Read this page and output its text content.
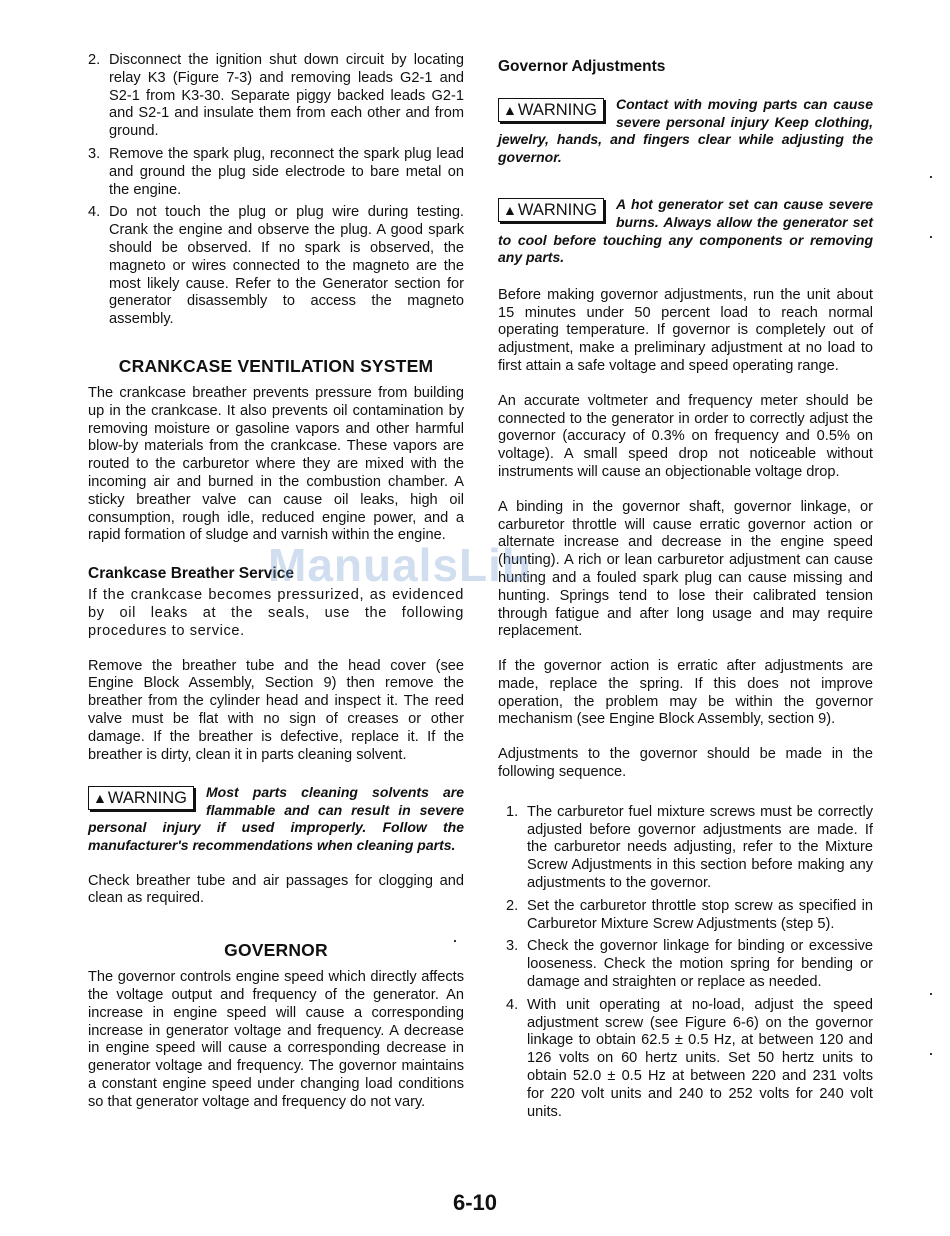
2. Disconnect the ignition shut down circuit by locating relay K3 (Figure 7-3) and removing leads G2-1 and S2-1 from K3-30. Separate piggy backed leads G2-1 and S2-1 and insulate them from each other and from ground.
3. Remove the spark plug, reconnect the spark plug lead and ground the plug side electrode to bare metal on the engine.
4. Do not touch the plug or plug wire during testing. Crank the engine and observe the plug. A good spark should be observed. If no spark is observed, the magneto or wires connected to the magneto are the most likely cause. Refer to the Generator section for generator disassembly to access the magneto assembly.
CRANKCASE VENTILATION SYSTEM

The crankcase breather prevents pressure from building up in the crankcase. It also prevents oil contamination by removing moisture or gasoline vapors and other harmful blow-by materials from the crankcase. These vapors are routed to the carburetor where they are mixed with the incoming air and burned in the combustion chamber. A sticky breather valve can cause oil leaks, high oil consumption, rough idle, reduced engine power, and a rapid formation of sludge and varnish within the engine.

Crankcase Breather Service

If the crankcase becomes pressurized, as evidenced by oil leaks at the seals, use the following procedures to service.

Remove the breather tube and the head cover (see Engine Block Assembly, Section 9) then remove the breather from the cylinder head and inspect it. The reed valve must be flat with no sign of creases or other damage. If the breather is defective, replace it. If the breather is dirty, clean it in parts cleaning solvent.

▲WARNING	Most parts cleaning solvents are flammable and can result in severe personal injury if used improperly. Follow the manufacturer's recommendations when cleaning parts.

Check breather tube and air passages for clogging and clean as required.

GOVERNOR

The governor controls engine speed which directly affects the voltage output and frequency of the generator. An increase in engine speed will cause a corresponding increase in generator voltage and frequency. A decrease in engine speed will cause a corresponding decrease in generator voltage and frequency. The governor maintains a constant engine speed under changing load conditions so that generator voltage and frequency do not vary.

Governor Adjustments
▲WARNING	Contact with moving parts can cause severe personal injury Keep clothing, jewelry, hands, and fingers clear while adjusting the governor.
▲WARNING	A hot generator set can cause severe burns. Always allow the generator set to cool before touching any components or removing any parts.

Before making governor adjustments, run the unit about 15 minutes under 50 percent load to reach normal operating temperature. If governor is completely out of adjustment, make a preliminary adjustment at no load to first attain a safe voltage and speed operating range.

An accurate voltmeter and frequency meter should be connected to the generator in order to correctly adjust the governor (accuracy of 0.3% on frequency and 0.5% on voltage). A small speed drop not noticeable without instruments will cause an objectionable voltage drop.

A binding in the governor shaft, governor linkage, or carburetor throttle will cause erratic governor action or alternate increase and decrease in the engine speed (hunting). A rich or lean carburetor adjustment can cause hunting and a fouled spark plug can cause missing and hunting. Springs tend to lose their calibrated tension through fatigue and after long usage and may require replacement.

If the governor action is erratic after adjustments are made, replace the spring. If this does not improve operation, the problem may be within the governor mechanism (see Engine Block Assembly, section 9).

Adjustments to the governor should be made in the following sequence.

1. The carburetor fuel mixture screws must be correctly adjusted before governor adjustments are made. If the carburetor needs adjusting, refer to the Mixture Screw Adjustments in this section before making any adjustments to the governor.
2. Set the carburetor throttle stop screw as specified in Carburetor Mixture Screw Adjustments (step 5).
3. Check the governor linkage for binding or excessive looseness. Check the motion spring for bending or damage and straighten or replace as needed.
4. With unit operating at no-load, adjust the speed adjustment screw (see Figure 6-6) on the governor linkage to obtain 62.5 ± 0.5 Hz, at between 120 and 126 volts on 60 hertz units. Set 50 hertz units to obtain 52.0 ± 0.5 Hz at between 220 and 231 volts for 220 volt units and 240 to 252 volts for 240 volt units.
ManualsLib
6-10
